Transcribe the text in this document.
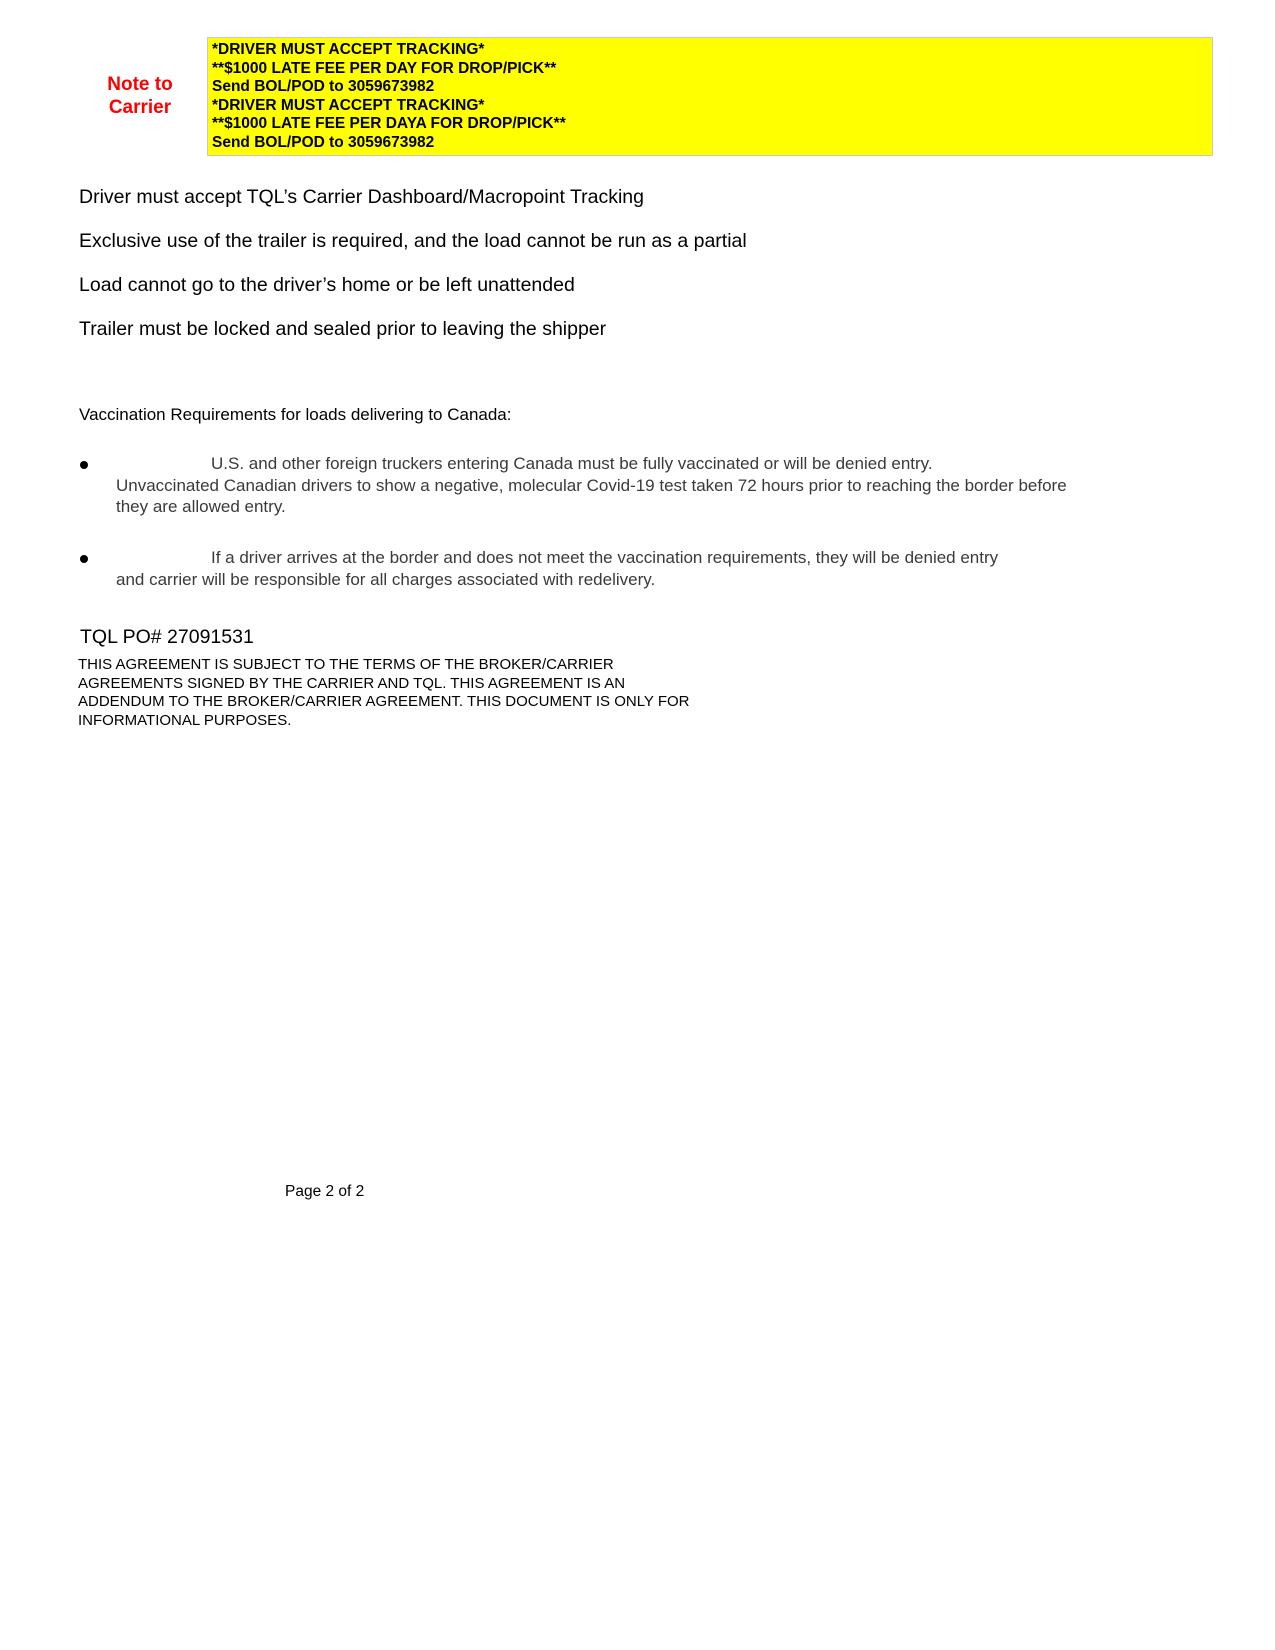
Note to
Carrier
*DRIVER MUST ACCEPT TRACKING*
**$1000 LATE FEE PER DAY FOR DROP/PICK**
Send BOL/POD to 3059673982
*DRIVER MUST ACCEPT TRACKING*
**$1000 LATE FEE PER DAYA FOR DROP/PICK**
Send BOL/POD to 3059673982
Driver must accept TQL’s Carrier Dashboard/Macropoint Tracking
Exclusive use of the trailer is required, and the load cannot be run as a partial
Load cannot go to the driver’s home or be left unattended
Trailer must be locked and sealed prior to leaving the shipper
Vaccination Requirements for loads delivering to Canada:
U.S. and other foreign truckers entering Canada must be fully vaccinated or will be denied entry.
Unvaccinated Canadian drivers to show a negative, molecular Covid-19 test taken 72 hours prior to reaching the border before they are allowed entry.
If a driver arrives at the border and does not meet the vaccination requirements, they will be denied entry
and carrier will be responsible for all charges associated with redelivery.
TQL PO# 27091531
THIS AGREEMENT IS SUBJECT TO THE TERMS OF THE BROKER/CARRIER
AGREEMENTS SIGNED BY THE CARRIER AND TQL. THIS AGREEMENT IS AN
ADDENDUM TO THE BROKER/CARRIER AGREEMENT. THIS DOCUMENT IS ONLY FOR
INFORMATIONAL PURPOSES.
Page 2 of 2
